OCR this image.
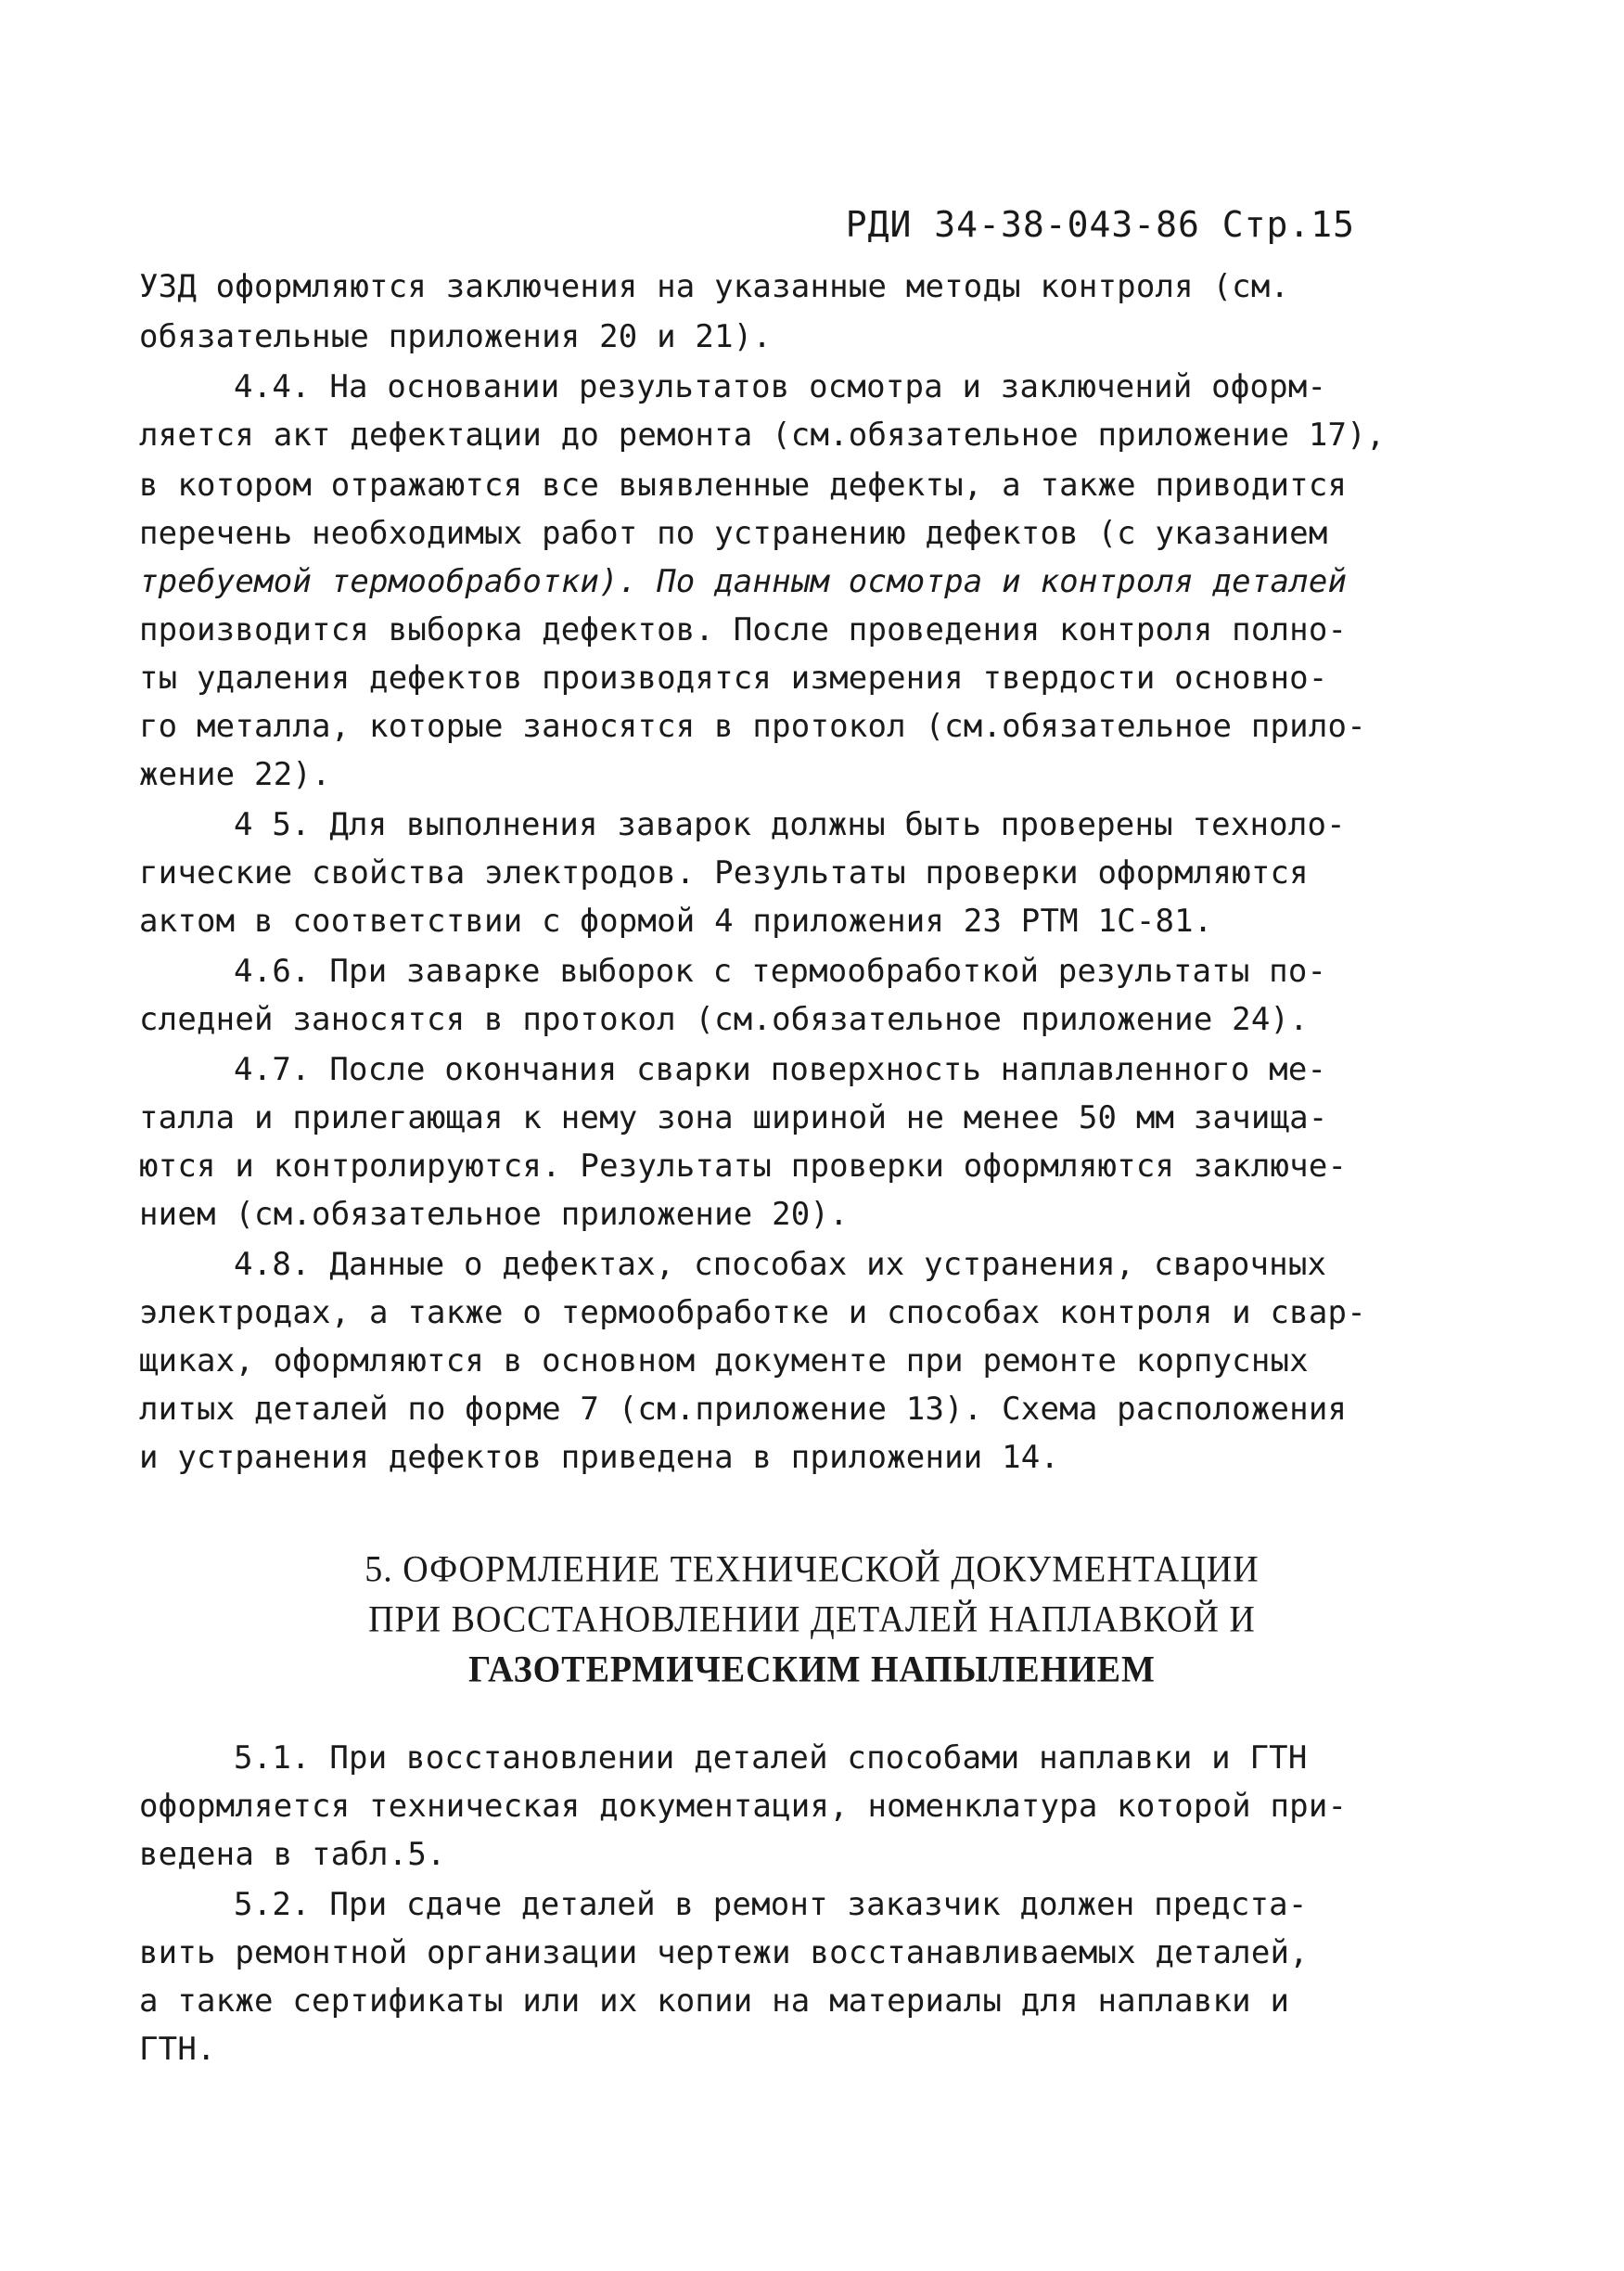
РДИ 34-38-043-86 Стр.15
УЗД оформляются заключения на указанные методы контроля (см.
обязательные приложения 20 и 21).
4.4. На основании результатов осмотра и заключений оформ-
ляется акт дефектации до ремонта (см.обязательное приложение 17),
в котором отражаются все выявленные дефекты, а также приводится
перечень необходимых работ по устранению дефектов (с указанием
требуемой термообработки). По данным осмотра и контроля деталей
производится выборка дефектов. После проведения контроля полно-
ты удаления дефектов производятся измерения твердости основно-
го металла, которые заносятся в протокол (см.обязательное прило-
жение 22).
4 5. Для выполнения заварок должны быть проверены техноло-
гические свойства электродов. Результаты проверки оформляются
актом в соответствии с формой 4 приложения 23 РТМ 1С-81.
4.6. При заварке выборок с термообработкой результаты по-
следней заносятся в протокол (см.обязательное приложение 24).
4.7. После окончания сварки поверхность наплавленного ме-
талла и прилегающая к нему зона шириной не менее 50 мм зачища-
ются и контролируются. Результаты проверки оформляются заключе-
нием (см.обязательное приложение 20).
4.8. Данные о дефектах, способах их устранения, сварочных
электродах, а также о термообработке и способах контроля и свар-
щиках, оформляются в основном документе при ремонте корпусных
литых деталей по форме 7 (см.приложение 13). Схема расположения
и устранения дефектов приведена в приложении 14.
5. ОФОРМЛЕНИЕ ТЕХНИЧЕСКОЙ ДОКУМЕНТАЦИИ
ПРИ ВОССТАНОВЛЕНИИ ДЕТАЛЕЙ НАПЛАВКОЙ И
ГАЗОТЕРМИЧЕСКИМ НАПЫЛЕНИЕМ
5.1. При восстановлении деталей способами наплавки и ГТН
оформляется техническая документация, номенклатура которой при-
ведена в табл.5.
5.2. При сдаче деталей в ремонт заказчик должен предста-
вить ремонтной организации чертежи восстанавливаемых деталей,
а также сертификаты или их копии на материалы для наплавки и
ГТН.
